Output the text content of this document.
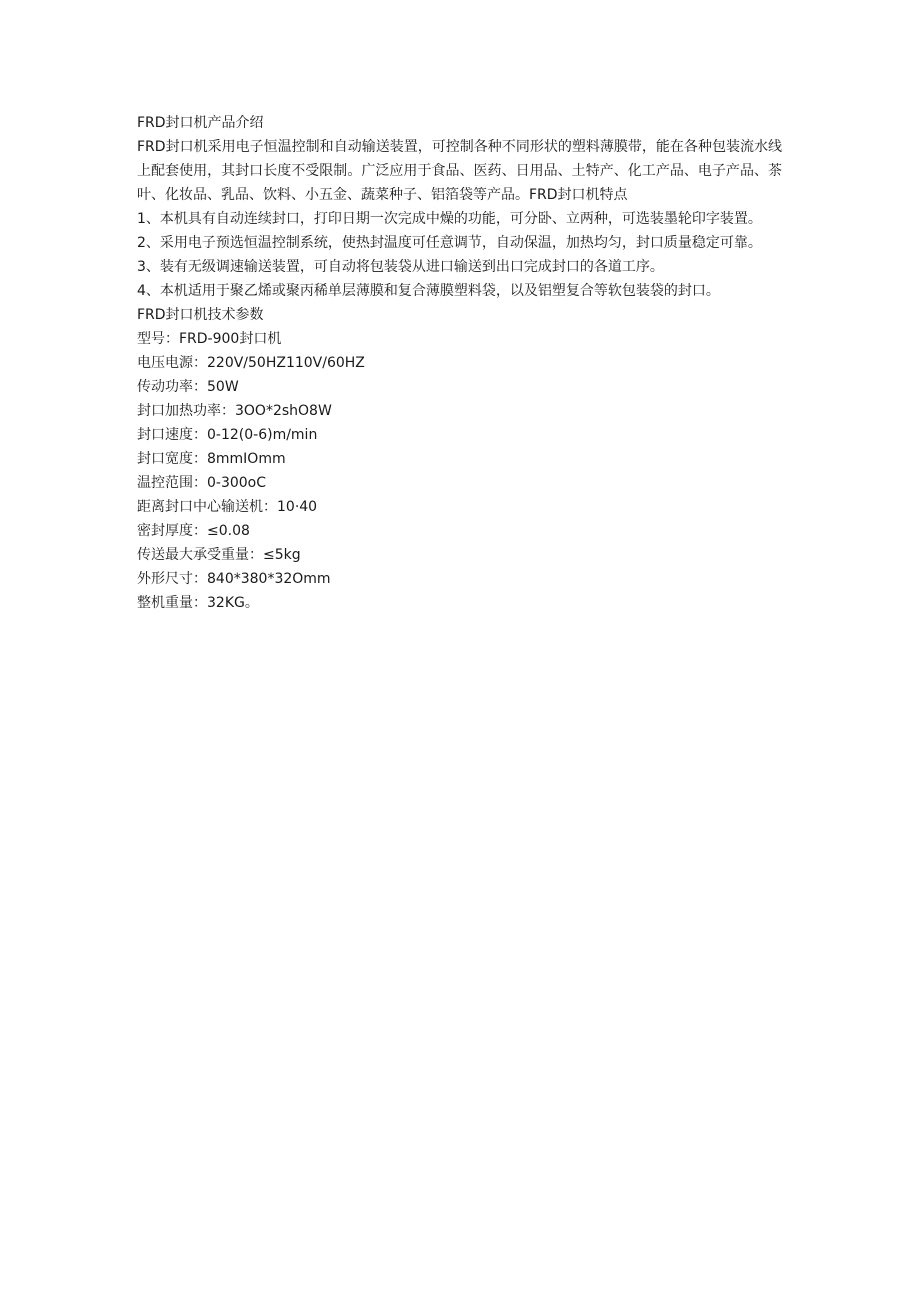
FRD封口机产品介绍

FRD封口机采用电子恒温控制和自动输送装置，可控制各种不同形状的塑料薄膜带，能在各种包装流水线上配套使用，其封口长度不受限制。广泛应用于食品、医药、日用品、土特产、化工产品、电子产品、茶叶、化妆品、乳品、饮料、小五金、蔬菜种子、铝箔袋等产品。FRD封口机特点

1、本机具有自动连续封口，打印日期一次完成中燥的功能，可分卧、立两种，可选装墨轮印字装置。

2、采用电子预选恒温控制系统，使热封温度可任意调节，自动保温，加热均匀，封口质量稳定可靠。

3、装有无级调速输送装置，可自动将包装袋从进口输送到出口完成封口的各道工序。

4、本机适用于聚乙烯或聚丙稀单层薄膜和复合薄膜塑料袋，以及铝塑复合等软包装袋的封口。

FRD封口机技术参数

型号：FRD-900封口机

电压电源：220V∕50HZ110V/60HZ

传动功率：50W

封口加热功率：3OO*2shO8W

封口速度：0-12(0-6)m∕min

封口宽度：8mmIOmm

温控范围：0-300oC

距离封口中心输送机：10·40

密封厚度：≤0.08

传送最大承受重量：≤5kg

外形尺寸：840*380*32Omm

整机重量：32KG。
